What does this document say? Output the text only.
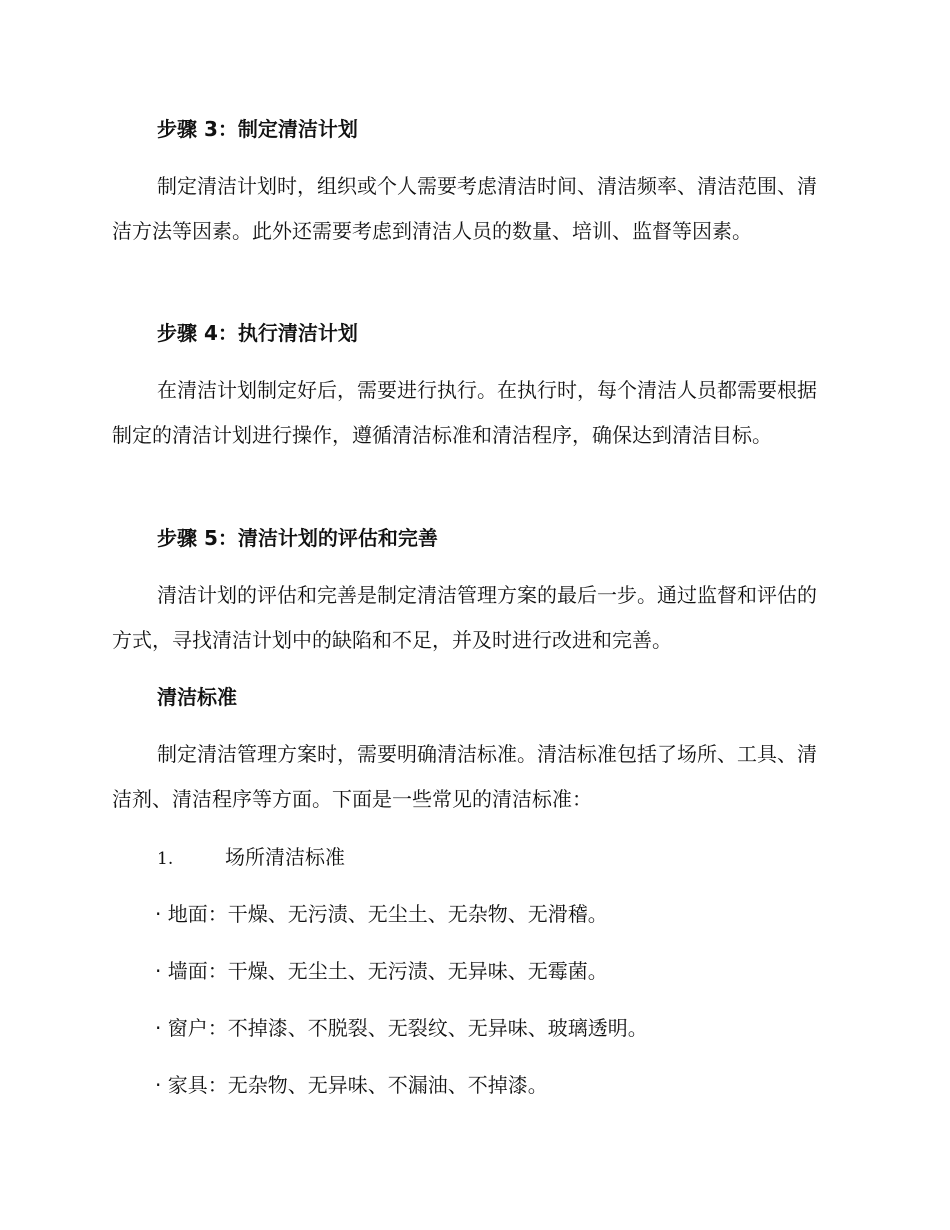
步骤 3：制定清洁计划

制定清洁计划时，组织或个人需要考虑清洁时间、清洁频率、清洁范围、清洁方法等因素。此外还需要考虑到清洁人员的数量、培训、监督等因素。

步骤 4：执行清洁计划

在清洁计划制定好后，需要进行执行。在执行时，每个清洁人员都需要根据制定的清洁计划进行操作，遵循清洁标准和清洁程序，确保达到清洁目标。

步骤 5：清洁计划的评估和完善

清洁计划的评估和完善是制定清洁管理方案的最后一步。通过监督和评估的方式，寻找清洁计划中的缺陷和不足，并及时进行改进和完善。

清洁标准

制定清洁管理方案时，需要明确清洁标准。清洁标准包括了场所、工具、清洁剂、清洁程序等方面。下面是一些常见的清洁标准：

1.	场所清洁标准
· 地面：干燥、无污渍、无尘土、无杂物、无滑稽。
· 墙面：干燥、无尘土、无污渍、无异味、无霉菌。
· 窗户：不掉漆、不脱裂、无裂纹、无异味、玻璃透明。
· 家具：无杂物、无异味、不漏油、不掉漆。
